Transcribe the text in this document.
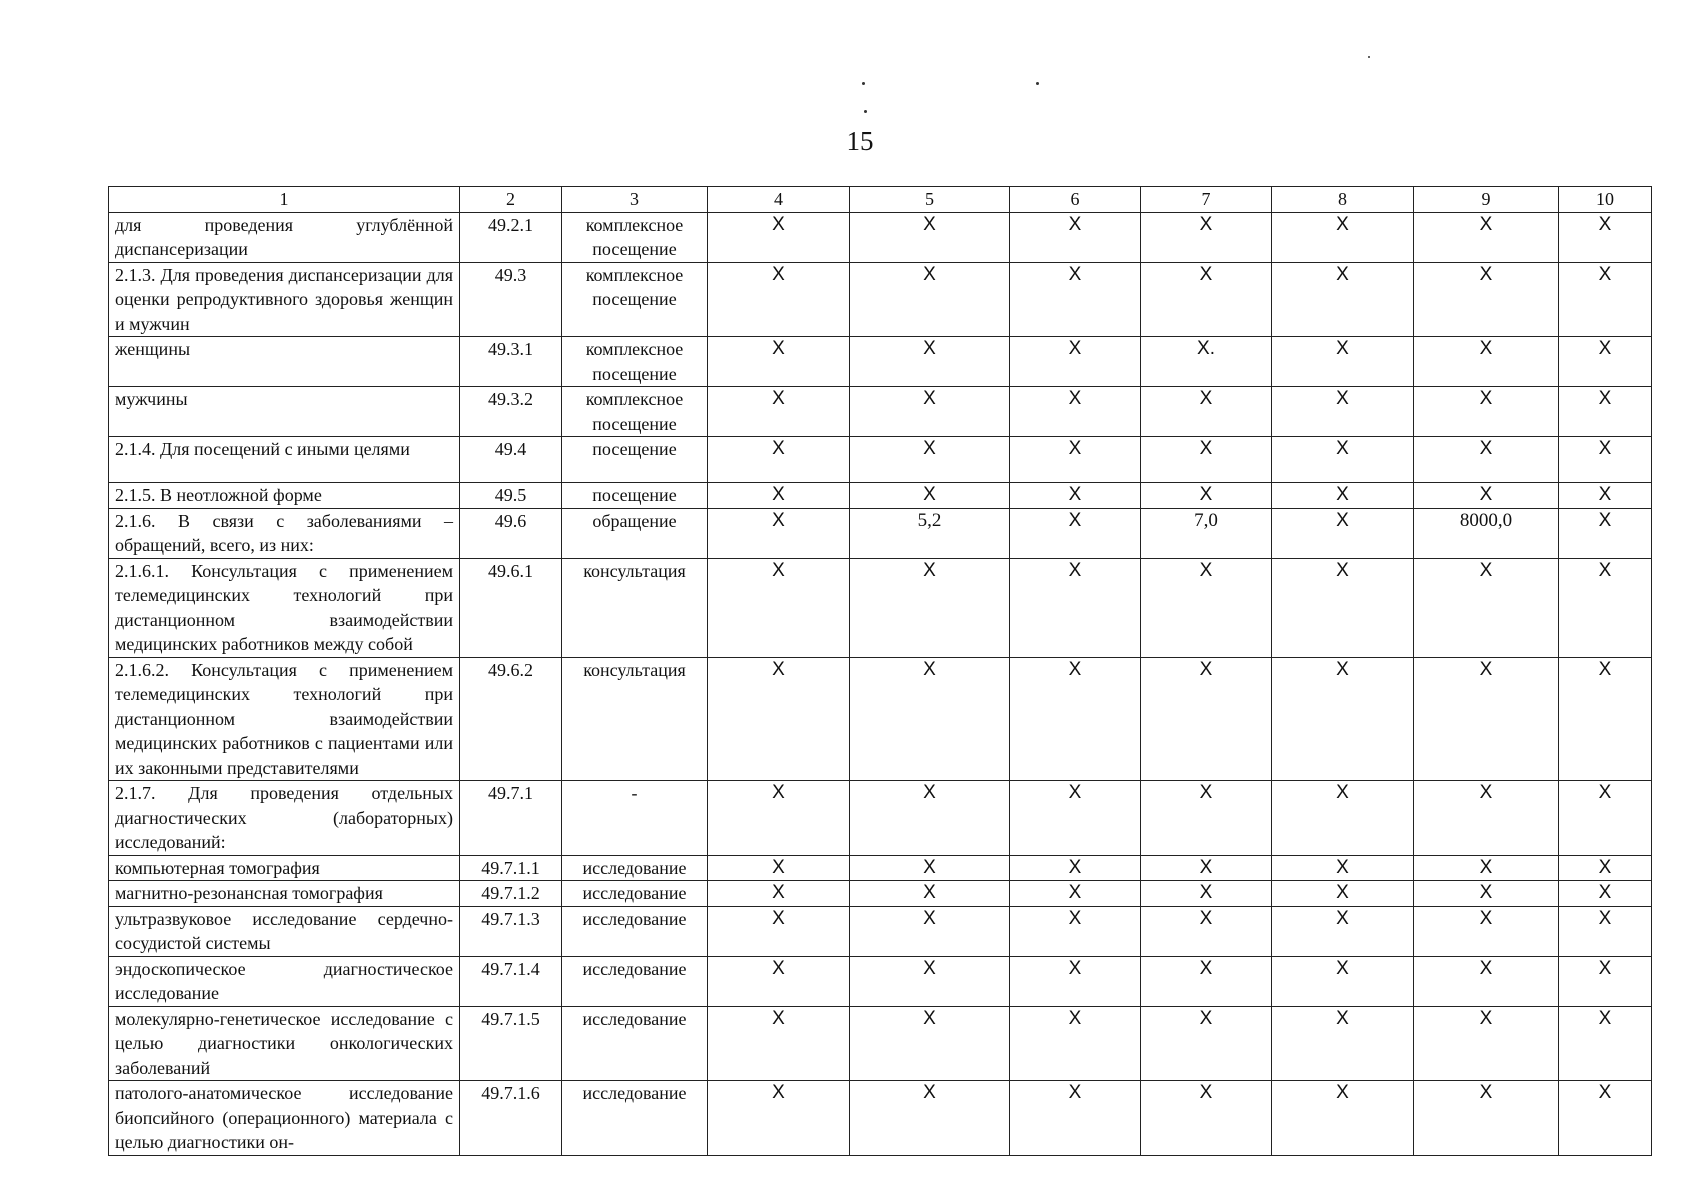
15
1	2	3	4	5	6	7	8	9	10
для проведения углублённой диспансеризации	49.2.1	комплексное посещение	Х	Х	Х	Х	Х	Х	Х
2.1.3. Для проведения диспансеризации для оценки репродуктивного здоровья женщин и мужчин	49.3	комплексное посещение	Х	Х	Х	Х	Х	Х	Х
женщины	49.3.1	комплексное посещение	Х	Х	Х	Х.	Х	Х	Х
мужчины	49.3.2	комплексное посещение	Х	Х	Х	Х	Х	Х	Х
2.1.4. Для посещений с иными целями	49.4	посещение	Х	Х	Х	Х	Х	Х	Х
2.1.5. В неотложной форме	49.5	посещение	Х	Х	Х	Х	Х	Х	Х
2.1.6. В связи с заболеваниями – обращений, всего, из них:	49.6	обращение	Х	5,2	Х	7,0	Х	8000,0	Х
2.1.6.1. Консультация с применением телемедицинских технологий при дистанционном взаимодействии медицинских работников между собой	49.6.1	консультация	Х	Х	Х	Х	Х	Х	Х
2.1.6.2. Консультация с применением телемедицинских технологий при дистанционном взаимодействии медицинских работников с пациентами или их законными представителями	49.6.2	консультация	Х	Х	Х	Х	Х	Х	Х
2.1.7. Для проведения отдельных диагностических (лабораторных) исследований:	49.7.1	-	Х	Х	Х	Х	Х	Х	Х
компьютерная томография	49.7.1.1	исследование	Х	Х	Х	Х	Х	Х	Х
магнитно-резонансная томография	49.7.1.2	исследование	Х	Х	Х	Х	Х	Х	Х
ультразвуковое исследование сердечно-сосудистой системы	49.7.1.3	исследование	Х	Х	Х	Х	Х	Х	Х
эндоскопическое диагностическое исследование	49.7.1.4	исследование	Х	Х	Х	Х	Х	Х	Х
молекулярно-генетическое исследование с целью диагностики онкологических заболеваний	49.7.1.5	исследование	Х	Х	Х	Х	Х	Х	Х
патолого-анатомическое исследование биопсийного (операционного) материала с целью диагностики он-	49.7.1.6	исследование	Х	Х	Х	Х	Х	Х	Х
